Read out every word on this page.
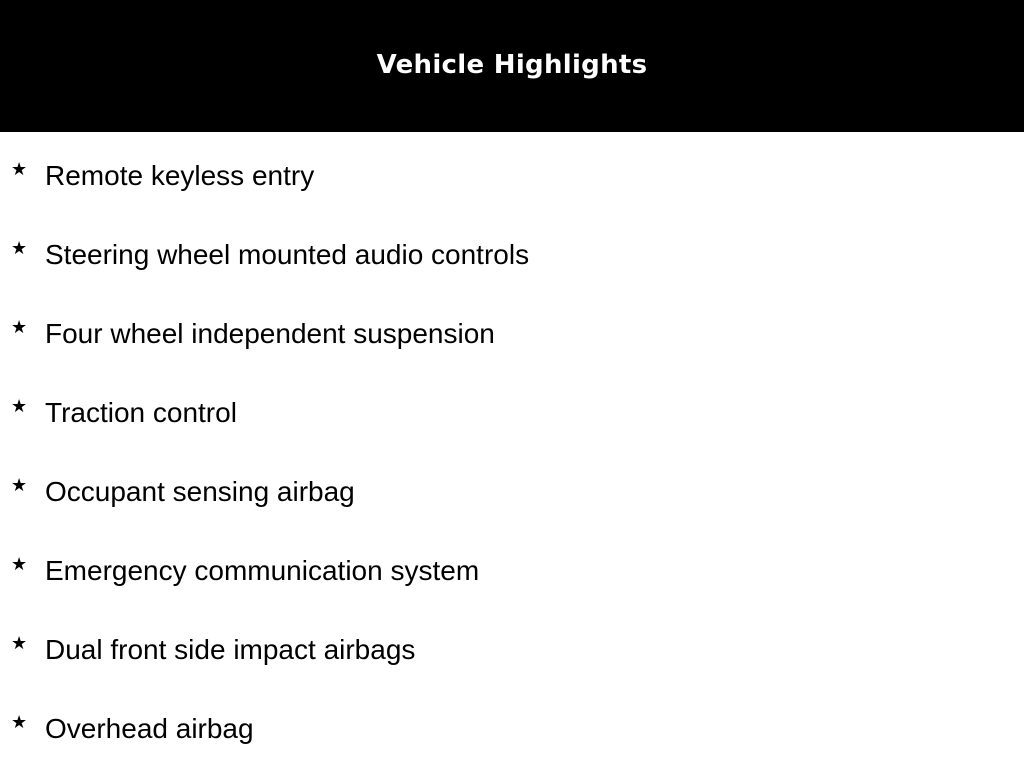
Vehicle Highlights
★ Remote keyless entry
★ Steering wheel mounted audio controls
★ Four wheel independent suspension
★ Traction control
★ Occupant sensing airbag
★ Emergency communication system
★ Dual front side impact airbags
★ Overhead airbag
